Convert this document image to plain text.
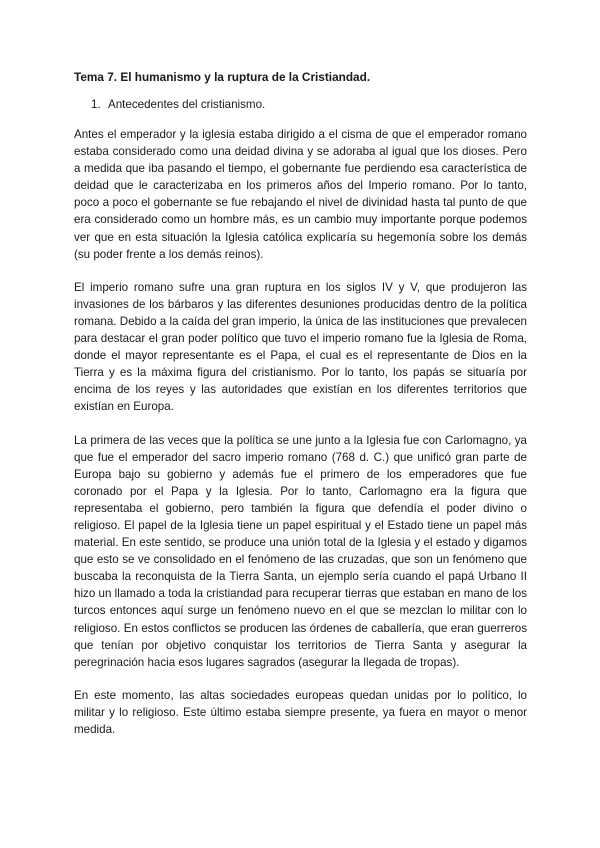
Tema 7. El humanismo y la ruptura de la Cristiandad.
1. Antecedentes del cristianismo.

Antes el emperador y la iglesia estaba dirigido a el cisma de que el emperador romano estaba considerado como una deidad divina y se adoraba al igual que los dioses. Pero a medida que iba pasando el tiempo, el gobernante fue perdiendo esa característica de deidad que le caracterizaba en los primeros años del Imperio romano. Por lo tanto, poco a poco el gobernante se fue rebajando el nivel de divinidad hasta tal punto de que era considerado como un hombre más, es un cambio muy importante porque podemos ver que en esta situación la Iglesia católica explicaría su hegemonía sobre los demás (su poder frente a los demás reinos).

El imperio romano sufre una gran ruptura en los siglos IV y V, que produjeron las invasiones de los bárbaros y las diferentes desuniones producidas dentro de la política romana. Debido a la caída del gran imperio, la única de las instituciones que prevalecen para destacar el gran poder político que tuvo el imperio romano fue la Iglesia de Roma, donde el mayor representante es el Papa, el cual es el representante de Dios en la Tierra y es la máxima figura del cristianismo. Por lo tanto, los papás se situaría por encima de los reyes y las autoridades que existían en los diferentes territorios que existían en Europa.

La primera de las veces que la política se une junto a la Iglesia fue con Carlomagno, ya que fue el emperador del sacro imperio romano (768 d. C.) que unificó gran parte de Europa bajo su gobierno y además fue el primero de los emperadores que fue coronado por el Papa y la Iglesia. Por lo tanto, Carlomagno era la figura que representaba el gobierno, pero también la figura que defendía el poder divino o religioso. El papel de la Iglesia tiene un papel espiritual y el Estado tiene un papel más material. En este sentido, se produce una unión total de la Iglesia y el estado y digamos que esto se ve consolidado en el fenómeno de las cruzadas, que son un fenómeno que buscaba la reconquista de la Tierra Santa, un ejemplo sería cuando el papá Urbano II hizo un llamado a toda la cristiandad para recuperar tierras que estaban en mano de los turcos entonces aquí surge un fenómeno nuevo en el que se mezclan lo militar con lo religioso. En estos conflictos se producen las órdenes de caballería, que eran guerreros que tenían por objetivo conquistar los territorios de Tierra Santa y asegurar la peregrinación hacia esos lugares sagrados (asegurar la llegada de tropas).

En este momento, las altas sociedades europeas quedan unidas por lo político, lo militar y lo religioso. Este último estaba siempre presente, ya fuera en mayor o menor medida.
